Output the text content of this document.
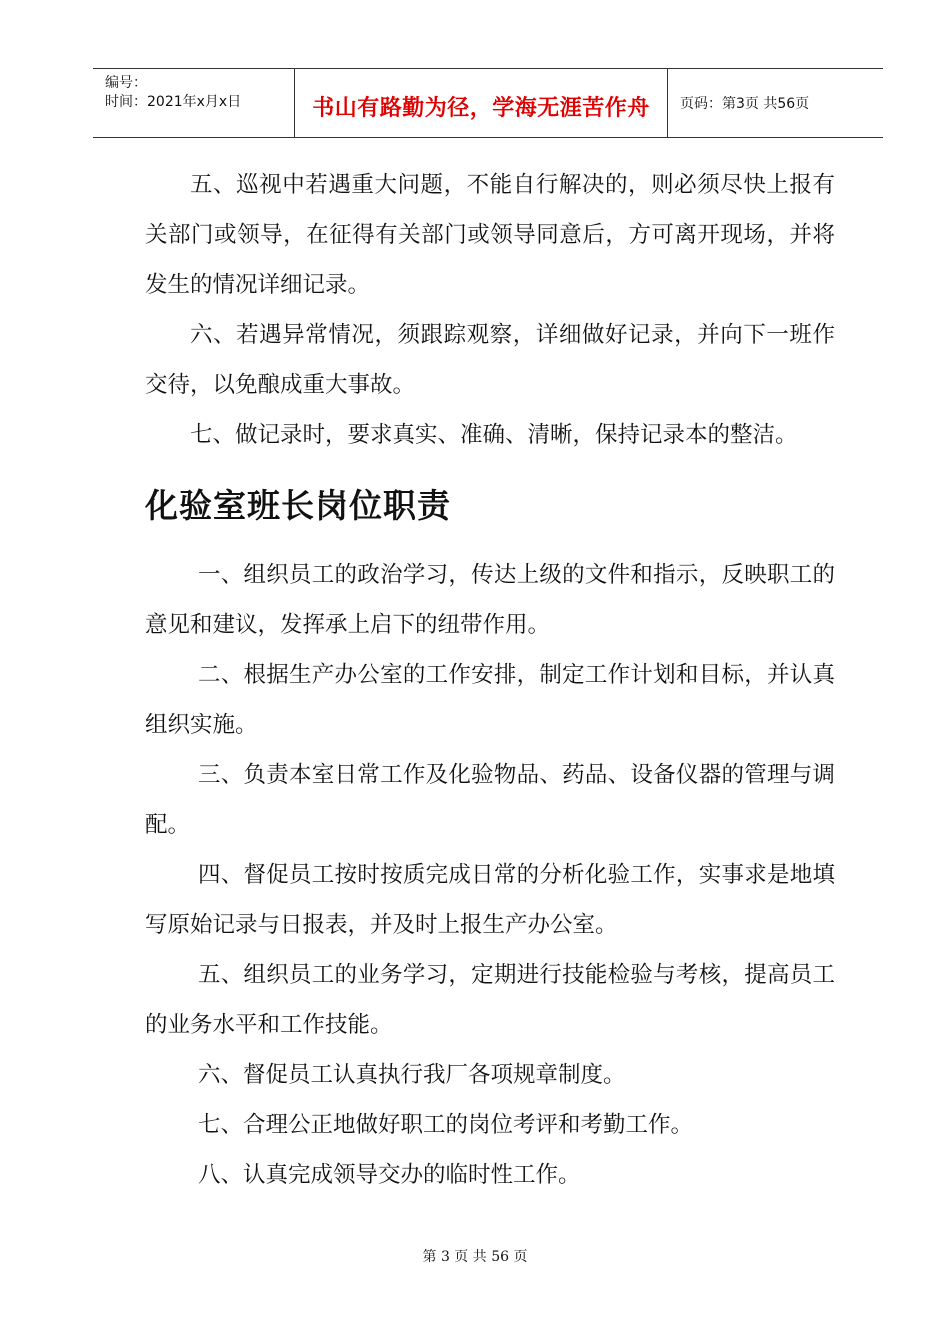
编号：
时间：2021年x月x日	书山有路勤为径，学海无涯苦作舟	页码：第3页 共56页

五、巡视中若遇重大问题，不能自行解决的，则必须尽快上报有关部门或领导，在征得有关部门或领导同意后，方可离开现场，并将发生的情况详细记录。

六、若遇异常情况，须跟踪观察，详细做好记录，并向下一班作交待，以免酿成重大事故。

七、做记录时，要求真实、准确、清晰，保持记录本的整洁。

化验室班长岗位职责

一、组织员工的政治学习，传达上级的文件和指示，反映职工的意见和建议，发挥承上启下的纽带作用。

二、根据生产办公室的工作安排，制定工作计划和目标，并认真组织实施。

三、负责本室日常工作及化验物品、药品、设备仪器的管理与调配。

四、督促员工按时按质完成日常的分析化验工作，实事求是地填写原始记录与日报表，并及时上报生产办公室。

五、组织员工的业务学习，定期进行技能检验与考核，提高员工的业务水平和工作技能。

六、督促员工认真执行我厂各项规章制度。

七、合理公正地做好职工的岗位考评和考勤工作。

八、认真完成领导交办的临时性工作。

第 3 页 共 56 页
